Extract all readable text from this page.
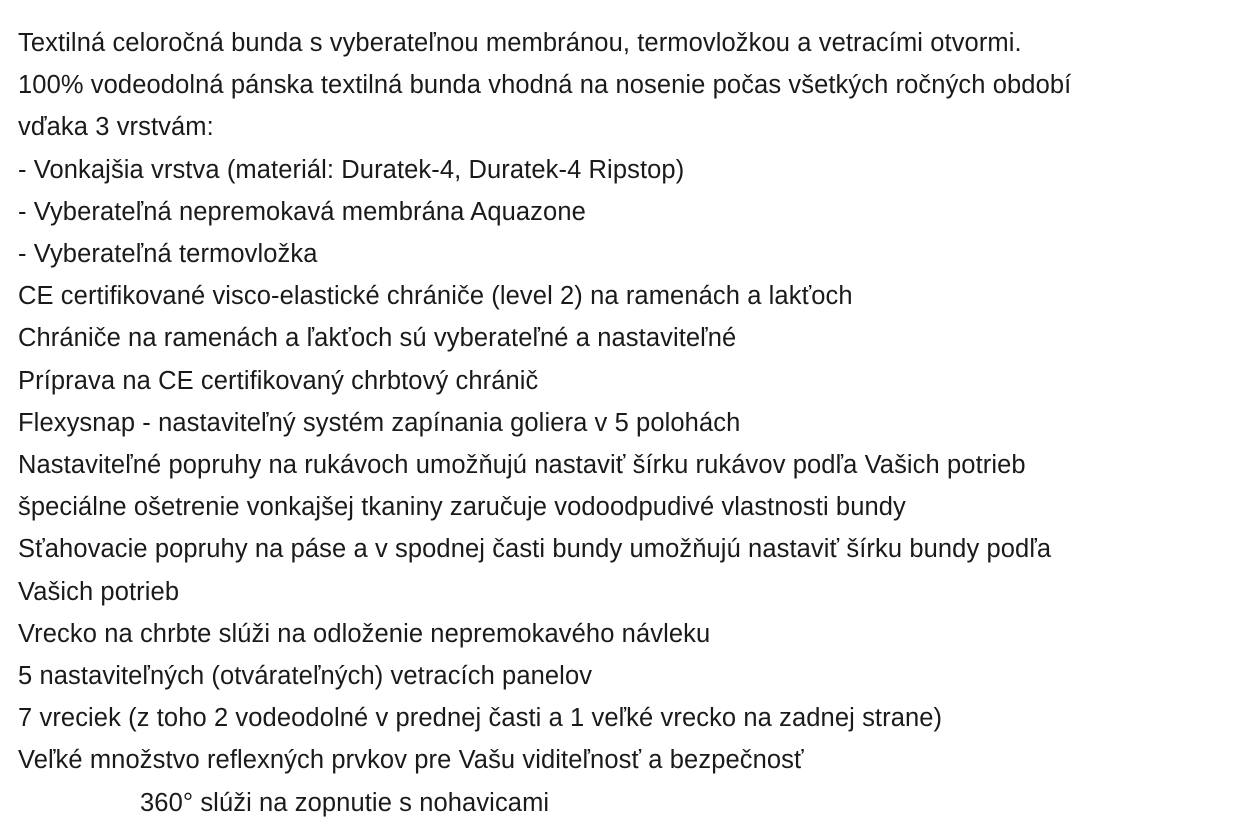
Textilná celoročná bunda s vyberateľnou membránou, termovložkou a vetracími otvormi.
100% vodeodolná pánska textilná bunda vhodná na nosenie počas všetkých ročných období
vďaka 3 vrstvám:
- Vonkajšia vrstva (materiál: Duratek-4, Duratek-4 Ripstop)
- Vyberateľná nepremokavá membrána Aquazone
- Vyberateľná termovložka
CE certifikované visco-elastické chrániče (level 2) na ramenách a lakťoch
Chrániče na ramenách a ľakťoch sú vyberateľné a nastaviteľné
Príprava na CE certifikovaný chrbtový chránič
Flexysnap - nastaviteľný systém zapínania goliera v 5 polohách
Nastaviteľné popruhy na rukávoch umožňujú nastaviť šírku rukávov podľa Vašich potrieb
špeciálne ošetrenie vonkajšej tkaniny zaručuje vodoodpudivé vlastnosti bundy
Sťahovacie popruhy na páse a v spodnej časti bundy umožňujú nastaviť šírku bundy podľa
Vašich potrieb
Vrecko na chrbte slúži na odloženie nepremokavého návleku
5 nastaviteľných (otvárateľných) vetracích panelov
7 vreciek (z toho 2 vodeodolné v prednej časti a 1 veľké vrecko na zadnej strane)
Veľké množstvo reflexných prvkov pre Vašu viditeľnosť a bezpečnosť
360° slúži na zopnutie s nohavicami
